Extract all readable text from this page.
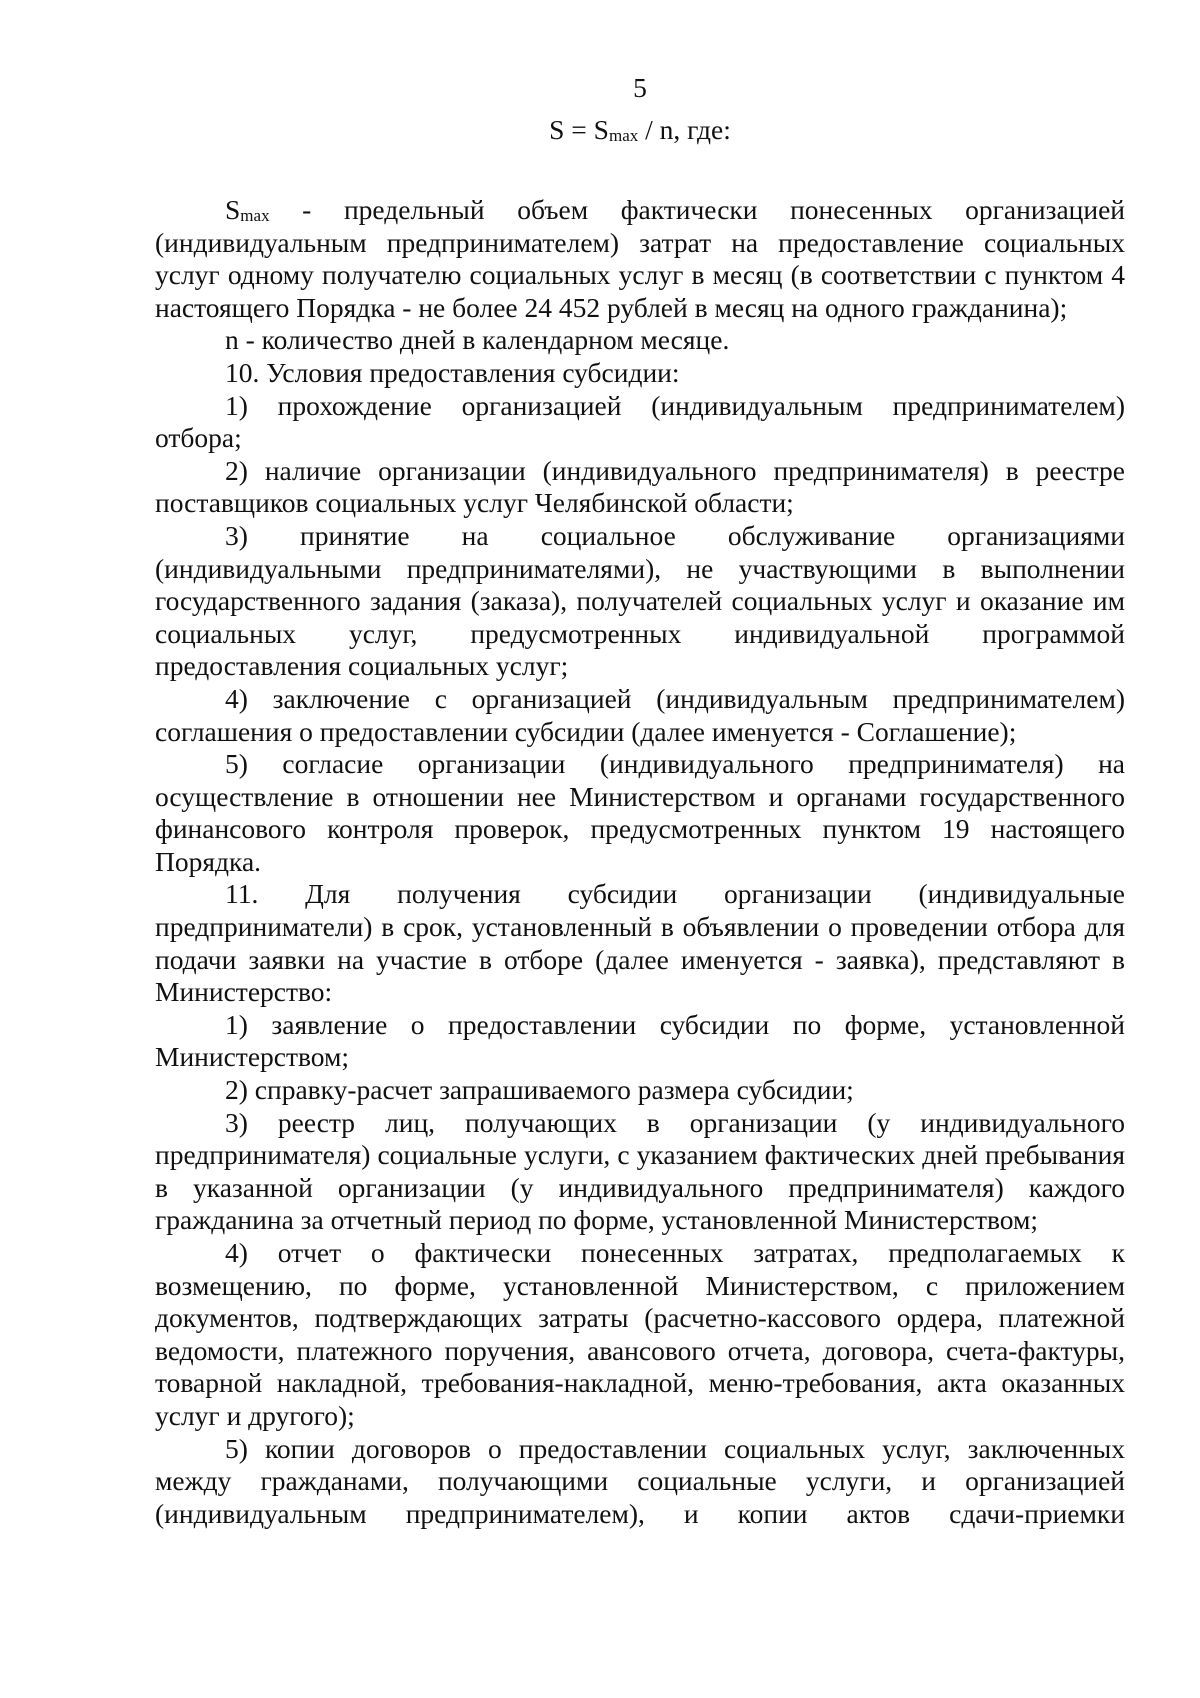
5
$S = S_{max} / n$, где:
$S_{max}$ - предельный объем фактически понесенных организацией (индивидуальным предпринимателем) затрат на предоставление социальных услуг одному получателю социальных услуг в месяц (в соответствии с пунктом 4 настоящего Порядка - не более 24 452 рублей в месяц на одного гражданина);
n - количество дней в календарном месяце.
10. Условия предоставления субсидии:
1) прохождение организацией (индивидуальным предпринимателем) отбора;
2) наличие организации (индивидуального предпринимателя) в реестре поставщиков социальных услуг Челябинской области;
3) принятие на социальное обслуживание организациями (индивидуальными предпринимателями), не участвующими в выполнении государственного задания (заказа), получателей социальных услуг и оказание им социальных услуг, предусмотренных индивидуальной программой предоставления социальных услуг;
4) заключение с организацией (индивидуальным предпринимателем) соглашения о предоставлении субсидии (далее именуется - Соглашение);
5) согласие организации (индивидуального предпринимателя) на осуществление в отношении нее Министерством и органами государственного финансового контроля проверок, предусмотренных пунктом 19 настоящего Порядка.
11. Для получения субсидии организации (индивидуальные предприниматели) в срок, установленный в объявлении о проведении отбора для подачи заявки на участие в отборе (далее именуется - заявка), представляют в Министерство:
1) заявление о предоставлении субсидии по форме, установленной Министерством;
2) справку-расчет запрашиваемого размера субсидии;
3) реестр лиц, получающих в организации (у индивидуального предпринимателя) социальные услуги, с указанием фактических дней пребывания в указанной организации (у индивидуального предпринимателя) каждого гражданина за отчетный период по форме, установленной Министерством;
4) отчет о фактически понесенных затратах, предполагаемых к возмещению, по форме, установленной Министерством, с приложением документов, подтверждающих затраты (расчетно-кассового ордера, платежной ведомости, платежного поручения, авансового отчета, договора, счета-фактуры, товарной накладной, требования-накладной, меню-требования, акта оказанных услуг и другого);
5) копии договоров о предоставлении социальных услуг, заключенных между гражданами, получающими социальные услуги, и организацией (индивидуальным предпринимателем), и копии актов сдачи-приемки
